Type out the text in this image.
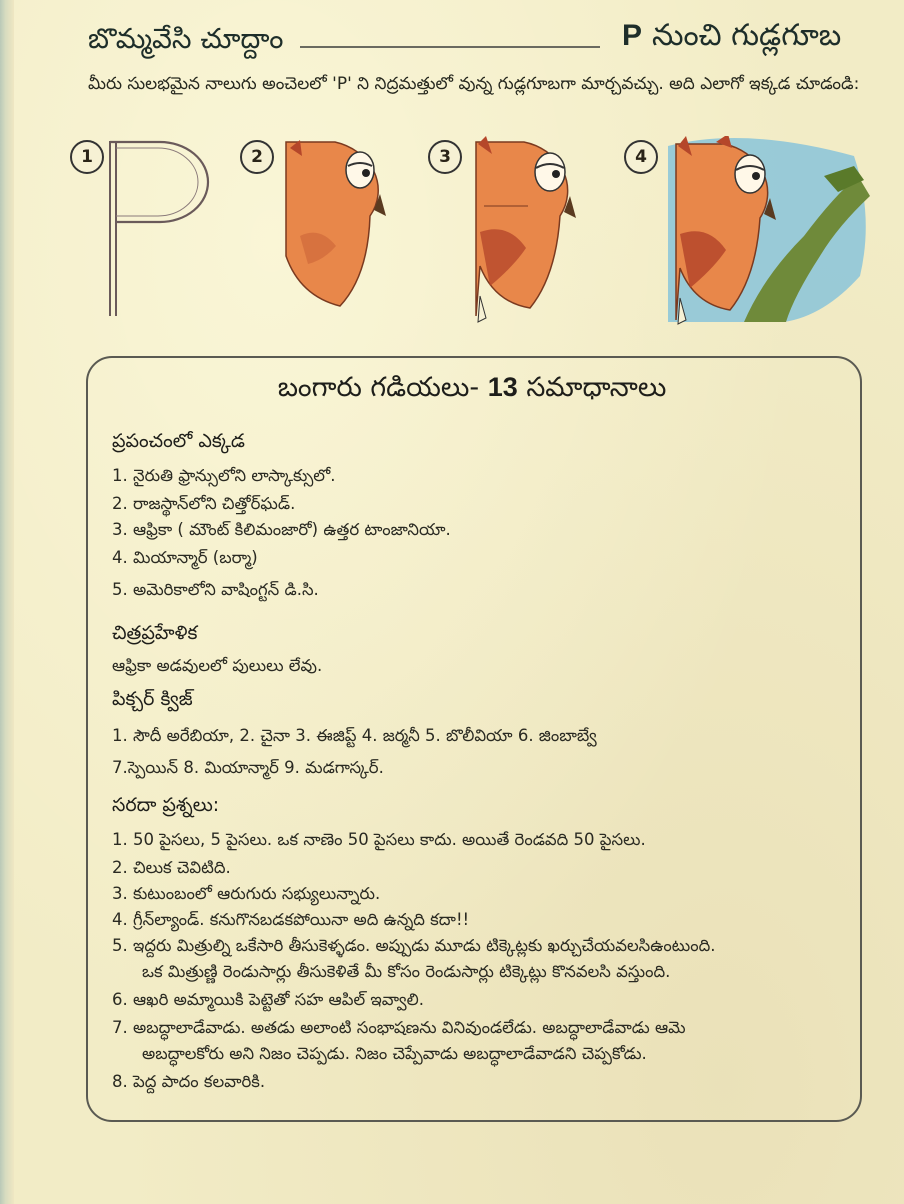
బొమ్మవేసి చూద్దాం	P నుంచి గుడ్లగూబ
మీరు సులభమైన నాలుగు అంచెలలో 'P' ని నిద్రమత్తులో వున్న గుడ్లగూబగా మార్చవచ్చు. అది ఎలాగో ఇక్కడ చూడండి:
1	2	3	4
బంగారు గడియలు- 13 సమాధానాలు
ప్రపంచంలో ఎక్కడ
1. నైరుతి ఫ్రాన్సులోని లాస్కాక్సులో.
2. రాజస్థాన్‌లోని చిత్తోర్‌ఘడ్.
3. ఆఫ్రికా ( మౌంట్ కిలిమంజారో) ఉత్తర టాంజానియా.
4. మియాన్మార్ (బర్మా)
5. అమెరికాలోని వాషింగ్టన్ డి.సి.
చిత్రప్రహేళిక
ఆఫ్రికా అడవులలో పులులు లేవు.
పిక్చర్ క్విజ్
1. సౌదీ అరేబియా, 2. చైనా 3. ఈజిప్ట్ 4. జర్మనీ 5. బొలీవియా 6. జింబాబ్వే
7.స్పెయిన్ 8. మియాన్మార్ 9. మడగాస్కర్.
సరదా ప్రశ్నలు:
1. 50 పైసలు, 5 పైసలు. ఒక నాణెం 50 పైసలు కాదు. అయితే రెండవది 50 పైసలు.
2. చిలుక చెవిటిది.
3. కుటుంబంలో ఆరుగురు సభ్యులున్నారు.
4. గ్రీన్‌ల్యాండ్. కనుగొనబడకపోయినా అది ఉన్నది కదా!!
5. ఇద్దరు మిత్రుల్ని ఒకేసారి తీసుకెళ్ళడం. అప్పుడు మూడు టిక్కెట్లకు ఖర్చుచేయవలసిఉంటుంది.
ఒక మిత్రుణ్ణి రెండుసార్లు తీసుకెళితే మీ కోసం రెండుసార్లు టిక్కెట్లు కొనవలసి వస్తుంది.
6. ఆఖరి అమ్మాయికి పెట్టెతో సహ ఆపిల్ ఇవ్వాలి.
7. అబద్ధాలాడేవాడు. అతడు అలాంటి సంభాషణను వినివుండలేడు. అబద్ధాలాడేవాడు ఆమె
అబద్ధాలకోరు అని నిజం చెప్పడు. నిజం చెప్పేవాడు అబద్ధాలాడేవాడని చెప్పకోడు.
8. పెద్ద పాదం కలవారికి.
